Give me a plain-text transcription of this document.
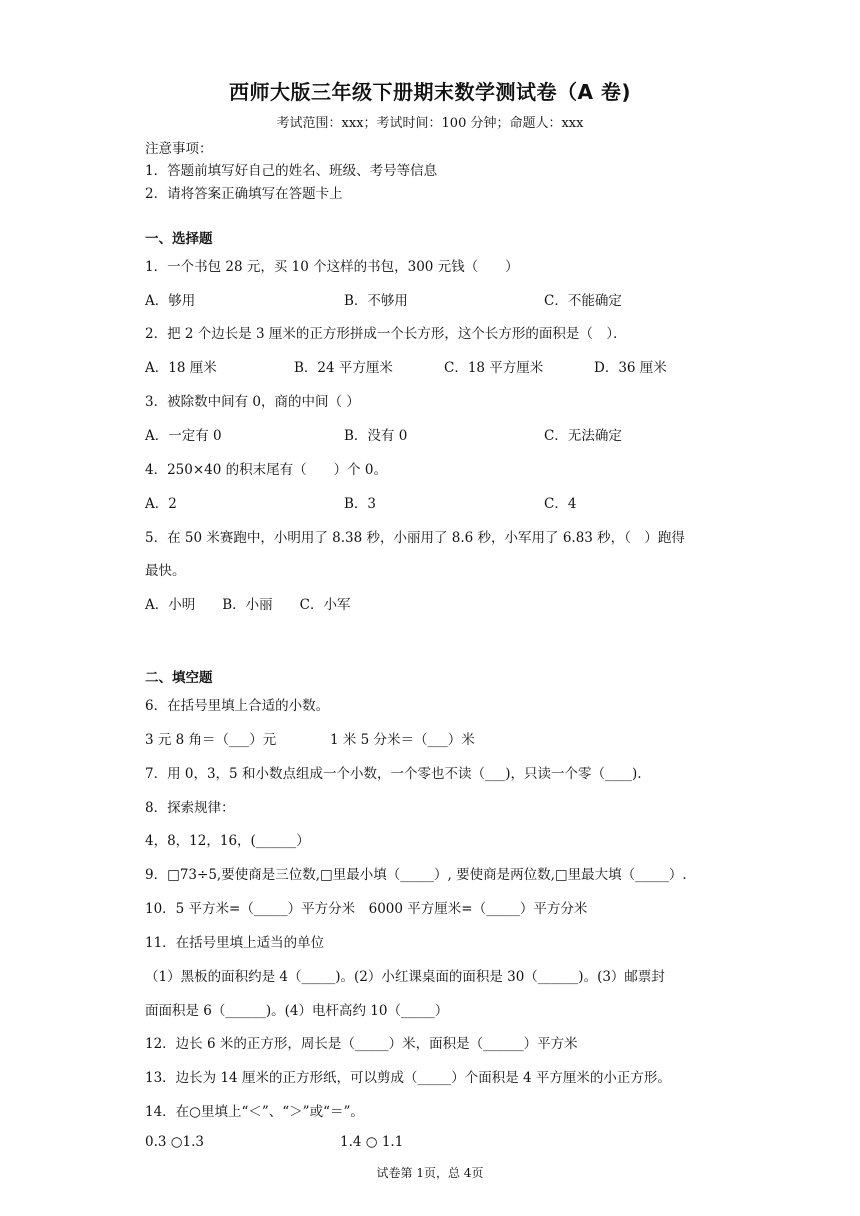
西师大版三年级下册期末数学测试卷（A 卷)
考试范围：xxx；考试时间：100 分钟；命题人：xxx
注意事项：
1．答题前填写好自己的姓名、班级、考号等信息
2．请将答案正确填写在答题卡上
一、选择题
1．一个书包 28 元，买 10 个这样的书包，300 元钱（　　）
A．够用	B．不够用	C．不能确定
2．把 2 个边长是 3 厘米的正方形拼成一个长方形，这个长方形的面积是（　）．
A．18 厘米	B．24 平方厘米	C．18 平方厘米	D．36 厘米
3．被除数中间有 0，商的中间（ ）
A．一定有 0	B．没有 0	C．无法确定
4．250×40 的积末尾有（　　）个 0。
A．2	B．3	C．4
5．在 50 米赛跑中，小明用了 8.38 秒，小丽用了 8.6 秒，小军用了 6.83 秒，（　）跑得
最快。
A．小明　　B．小丽　　C．小军
二、填空题
6．在括号里填上合适的小数。
3 元 8 角＝（___）元	1 米 5 分米＝（___）米
7．用 0，3，5 和小数点组成一个小数，一个零也不读（___)，只读一个零（____).
8．探索规律：
4，8，12，16，(______）
9．□73÷5,要使商是三位数,□里最小填（_____）, 要使商是两位数,□里最大填（_____）.
10．5 平方米=（_____）平方分米　6000 平方厘米=（_____）平方分米
11．在括号里填上适当的单位
（1）黑板的面积约是 4（_____)。(2）小红课桌面的面积是 30（______)。(3）邮票封
面面积是 6（______)。(4）电杆高约 10（_____）
12．边长 6 米的正方形，周长是（_____）米，面积是（______）平方米
13．边长为 14 厘米的正方形纸，可以剪成（_____）个面积是 4 平方厘米的小正方形。
14．在○里填上“＜”、“＞”或“＝”。
0.3 ○1.3	1.4 ○ 1.1
试卷第 1页，总 4页
